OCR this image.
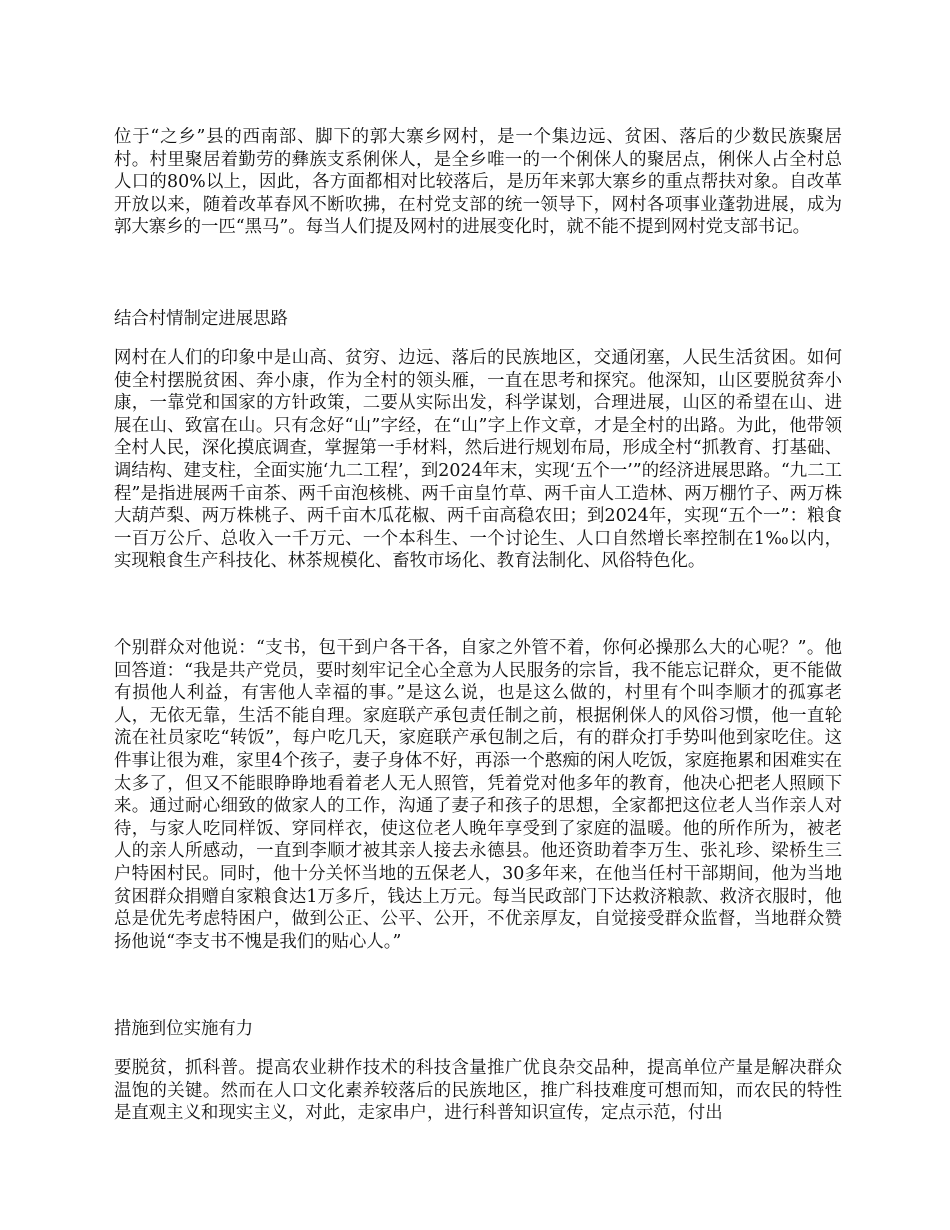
位于“之乡”县的西南部、脚下的郭大寨乡网村，是一个集边远、贫困、落后的少数民族聚居村。村里聚居着勤劳的彝族支系俐侎人，是全乡唯一的一个俐侎人的聚居点，俐侎人占全村总人口的80%以上，因此，各方面都相对比较落后，是历年来郭大寨乡的重点帮扶对象。自改革开放以来，随着改革春风不断吹拂，在村党支部的统一领导下，网村各项事业蓬勃进展，成为郭大寨乡的一匹“黑马”。每当人们提及网村的进展变化时，就不能不提到网村党支部书记。

结合村情制定进展思路

网村在人们的印象中是山高、贫穷、边远、落后的民族地区，交通闭塞，人民生活贫困。如何使全村摆脱贫困、奔小康，作为全村的领头雁，一直在思考和探究。他深知，山区要脱贫奔小康，一靠党和国家的方针政策，二要从实际出发，科学谋划，合理进展，山区的希望在山、进展在山、致富在山。只有念好“山”字经，在“山”字上作文章，才是全村的出路。为此，他带领全村人民，深化摸底调查，掌握第一手材料，然后进行规划布局，形成全村“抓教育、打基础、调结构、建支柱，全面实施‘九二工程’，到2024年末，实现‘五个一’”的经济进展思路。“九二工程”是指进展两千亩茶、两千亩泡核桃、两千亩皇竹草、两千亩人工造林、两万棚竹子、两万株大葫芦梨、两万株桃子、两千亩木瓜花椒、两千亩高稳农田；到2024年，实现“五个一”：粮食一百万公斤、总收入一千万元、一个本科生、一个讨论生、人口自然增长率控制在1‰以内，实现粮食生产科技化、林茶规模化、畜牧市场化、教育法制化、风俗特色化。

个别群众对他说：“支书，包干到户各干各，自家之外管不着，你何必操那么大的心呢？”。他回答道：“我是共产党员，要时刻牢记全心全意为人民服务的宗旨，我不能忘记群众，更不能做有损他人利益，有害他人幸福的事。”是这么说，也是这么做的，村里有个叫李顺才的孤寡老人，无依无靠，生活不能自理。家庭联产承包责任制之前，根据俐侎人的风俗习惯，他一直轮流在社员家吃“转饭”，每户吃几天，家庭联产承包制之后，有的群众打手势叫他到家吃住。这件事让很为难，家里4个孩子，妻子身体不好，再添一个憨痴的闲人吃饭，家庭拖累和困难实在太多了，但又不能眼睁睁地看着老人无人照管，凭着党对他多年的教育，他决心把老人照顾下来。通过耐心细致的做家人的工作，沟通了妻子和孩子的思想，全家都把这位老人当作亲人对待，与家人吃同样饭、穿同样衣，使这位老人晚年享受到了家庭的温暖。他的所作所为，被老人的亲人所感动，一直到李顺才被其亲人接去永德县。他还资助着李万生、张礼珍、梁桥生三户特困村民。同时，他十分关怀当地的五保老人，30多年来，在他当任村干部期间，他为当地贫困群众捐赠自家粮食达1万多斤，钱达上万元。每当民政部门下达救济粮款、救济衣服时，他总是优先考虑特困户，做到公正、公平、公开，不优亲厚友，自觉接受群众监督，当地群众赞扬他说“李支书不愧是我们的贴心人。”

措施到位实施有力

要脱贫，抓科普。提高农业耕作技术的科技含量推广优良杂交品种，提高单位产量是解决群众温饱的关键。然而在人口文化素养较落后的民族地区，推广科技难度可想而知，而农民的特性是直观主义和现实主义，对此，走家串户，进行科普知识宣传，定点示范，付出
